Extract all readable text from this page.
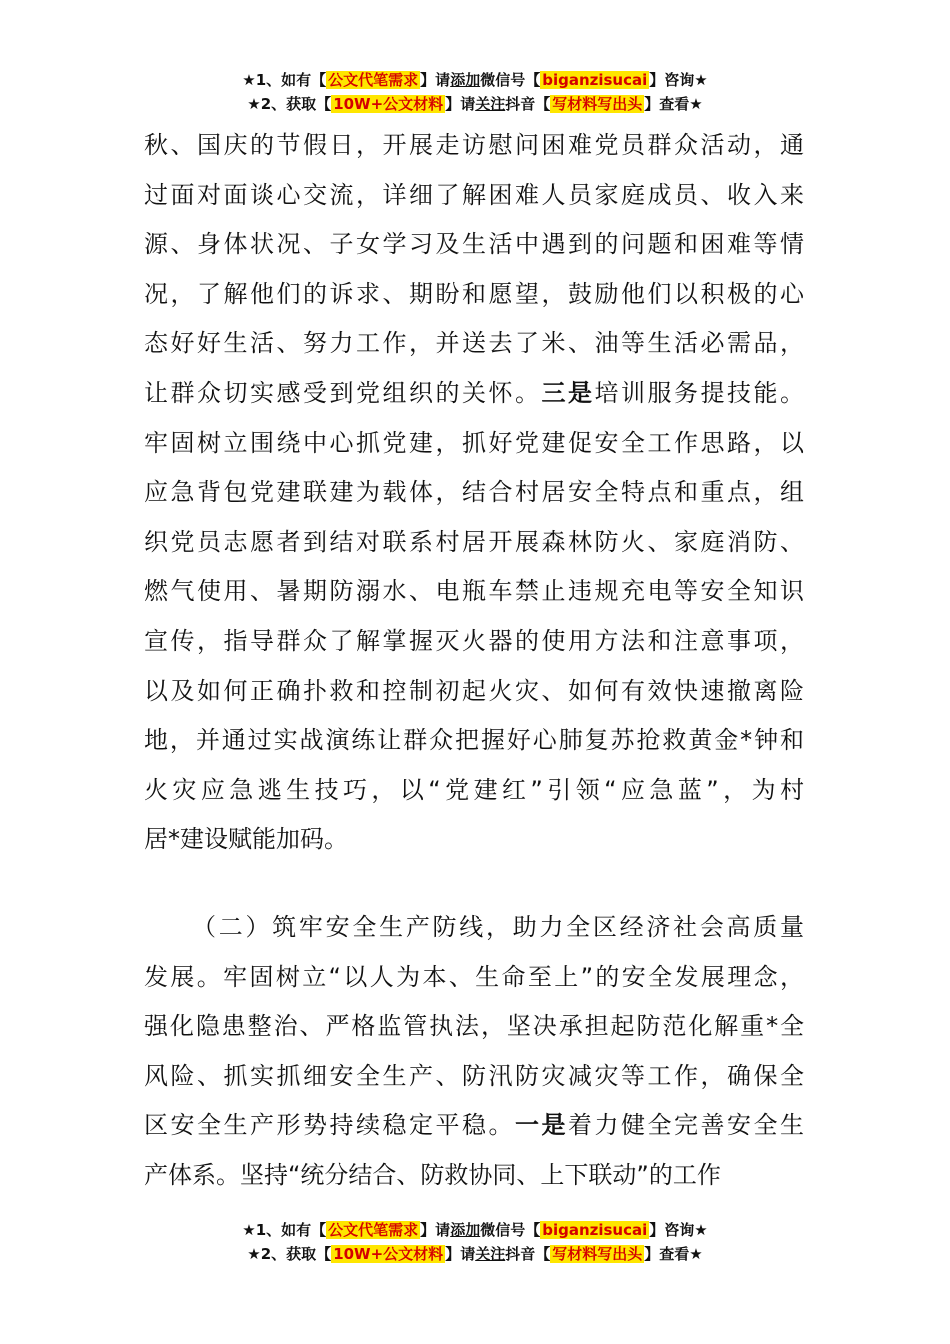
★1、如有【 公文代笔需求 】请添加微信号【 biganzisucai 】咨询★
★2、获取【 10W+公文材料 】请关注抖音【 写材料写出头 】查看★
秋、国庆的节假日，开展走访慰问困难党员群众活动，通
过面对面谈心交流，详细了解困难人员家庭成员、收入来
源、身体状况、子女学习及生活中遇到的问题和困难等情
况，了解他们的诉求、期盼和愿望，鼓励他们以积极的心
态好好生活、努力工作，并送去了米、油等生活必需品，
让群众切实感受到党组织的关怀。三是培训服务提技能。
牢固树立围绕中心抓党建，抓好党建促安全工作思路，以
应急背包党建联建为载体，结合村居安全特点和重点，组
织党员志愿者到结对联系村居开展森林防火、家庭消防、
燃气使用、暑期防溺水、电瓶车禁止违规充电等安全知识
宣传，指导群众了解掌握灭火器的使用方法和注意事项，
以及如何正确扑救和控制初起火灾、如何有效快速撤离险
地，并通过实战演练让群众把握好心肺复苏抢救黄金*钟和
火灾应急逃生技巧，以“党建红”引领“应急蓝”，为村
居*建设赋能加码。
（二）筑牢安全生产防线，助力全区经济社会高质量
发展。牢固树立“以人为本、生命至上”的安全发展理念，
强化隐患整治、严格监管执法，坚决承担起防范化解重*全
风险、抓实抓细安全生产、防汛防灾减灾等工作，确保全
区安全生产形势持续稳定平稳。一是着力健全完善安全生
产体系。坚持“统分结合、防救协同、上下联动”的工作
★1、如有【 公文代笔需求 】请添加微信号【 biganzisucai 】咨询★
★2、获取【 10W+公文材料 】请关注抖音【 写材料写出头 】查看★
